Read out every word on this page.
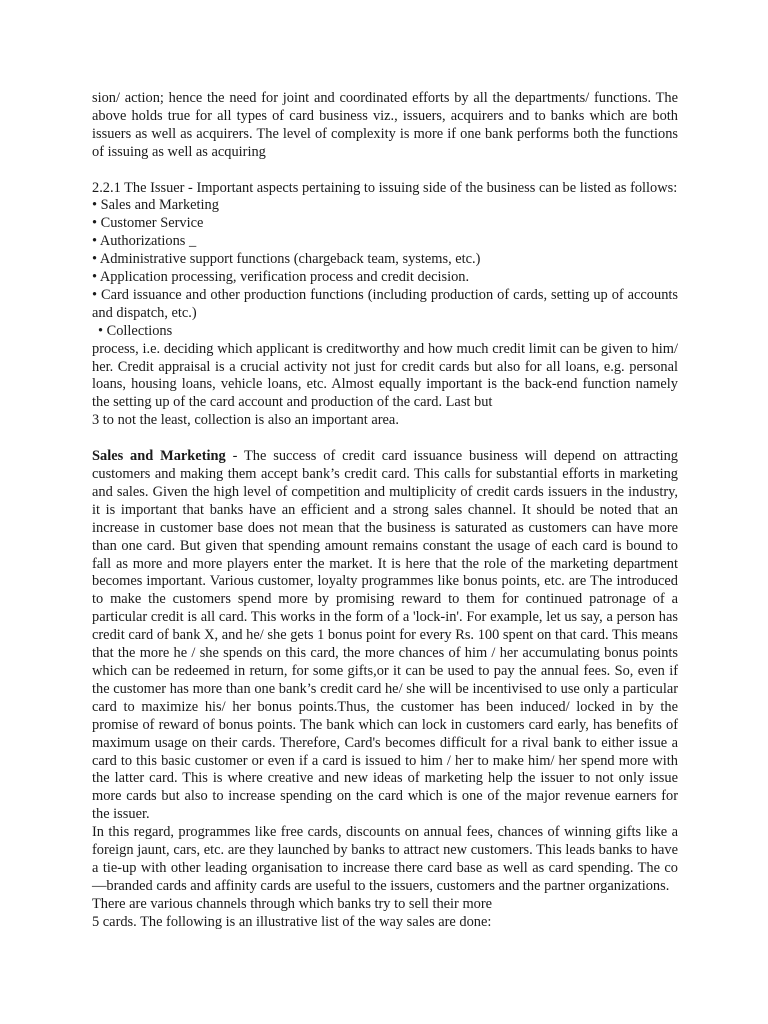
sion/ action; hence the need for joint and coordinated efforts by all the departments/ functions. The above holds true for all types of card business viz., issuers, acquirers and to banks which are both issuers as well as acquirers. The level of complexity is more if one bank performs both the functions of issuing as well as acquiring

2.2.1 The Issuer - Important aspects pertaining to issuing side of the business can be listed as follows:

• Sales and Marketing
• Customer Service
• Authorizations _
• Administrative support functions (chargeback team, systems, etc.)
• Application processing, verification process and credit decision.
• Card issuance and other production functions (including production of cards, setting up of accounts and dispatch, etc.)
• Collections

process, i.e. deciding which applicant is creditworthy and how much credit limit can be given to him/ her. Credit appraisal is a crucial activity not just for credit cards but also for all loans, e.g. personal loans, housing loans, vehicle loans, etc. Almost equally important is the back-end function namely the setting up of the card account and production of the card. Last but
3 to not the least, collection is also an important area.

Sales and Marketing - The success of credit card issuance business will depend on attracting customers and making them accept bank’s credit card. This calls for substantial efforts in marketing and sales. Given the high level of competition and multiplicity of credit cards issuers in the industry, it is important that banks have an efficient and a strong sales channel. It should be noted that an increase in customer base does not mean that the business is saturated as customers can have more than one card. But given that spending amount remains constant the usage of each card is bound to fall as more and more players enter the market. It is here that the role of the marketing department becomes important. Various customer, loyalty programmes like bonus points, etc. are The introduced to make the customers spend more by promising reward to them for continued patronage of a particular credit is all card. This works in the form of a 'lock-in'. For example, let us say, a person has credit card of bank X, and he/ she gets 1 bonus point for every Rs. 100 spent on that card. This means that the more he / she spends on this card, the more chances of him / her accumulating bonus points which can be redeemed in return, for some gifts,or it can be used to pay the annual fees. So, even if the customer has more than one bank’s credit card he/ she will be incentivised to use only a particular card to maximize his/ her bonus points.Thus, the customer has been induced/ locked in by the promise of reward of bonus points. The bank which can lock in customers card early, has benefits of maximum usage on their cards. Therefore, Card's becomes difficult for a rival bank to either issue a card to this basic customer or even if a card is issued to him / her to make him/ her spend more with the latter card. This is where creative and new ideas of marketing help the issuer to not only issue more cards but also to increase spending on the card which is one of the major revenue earners for the issuer.

In this regard, programmes like free cards, discounts on annual fees, chances of winning gifts like a foreign jaunt, cars, etc. are they launched by banks to attract new customers. This leads banks to have a tie-up with other leading organisation to increase there card base as well as card spending. The co—branded cards and affinity cards are useful to the issuers, customers and the partner organizations.

There are various channels through which banks try to sell their more
5 cards. The following is an illustrative list of the way sales are done:
